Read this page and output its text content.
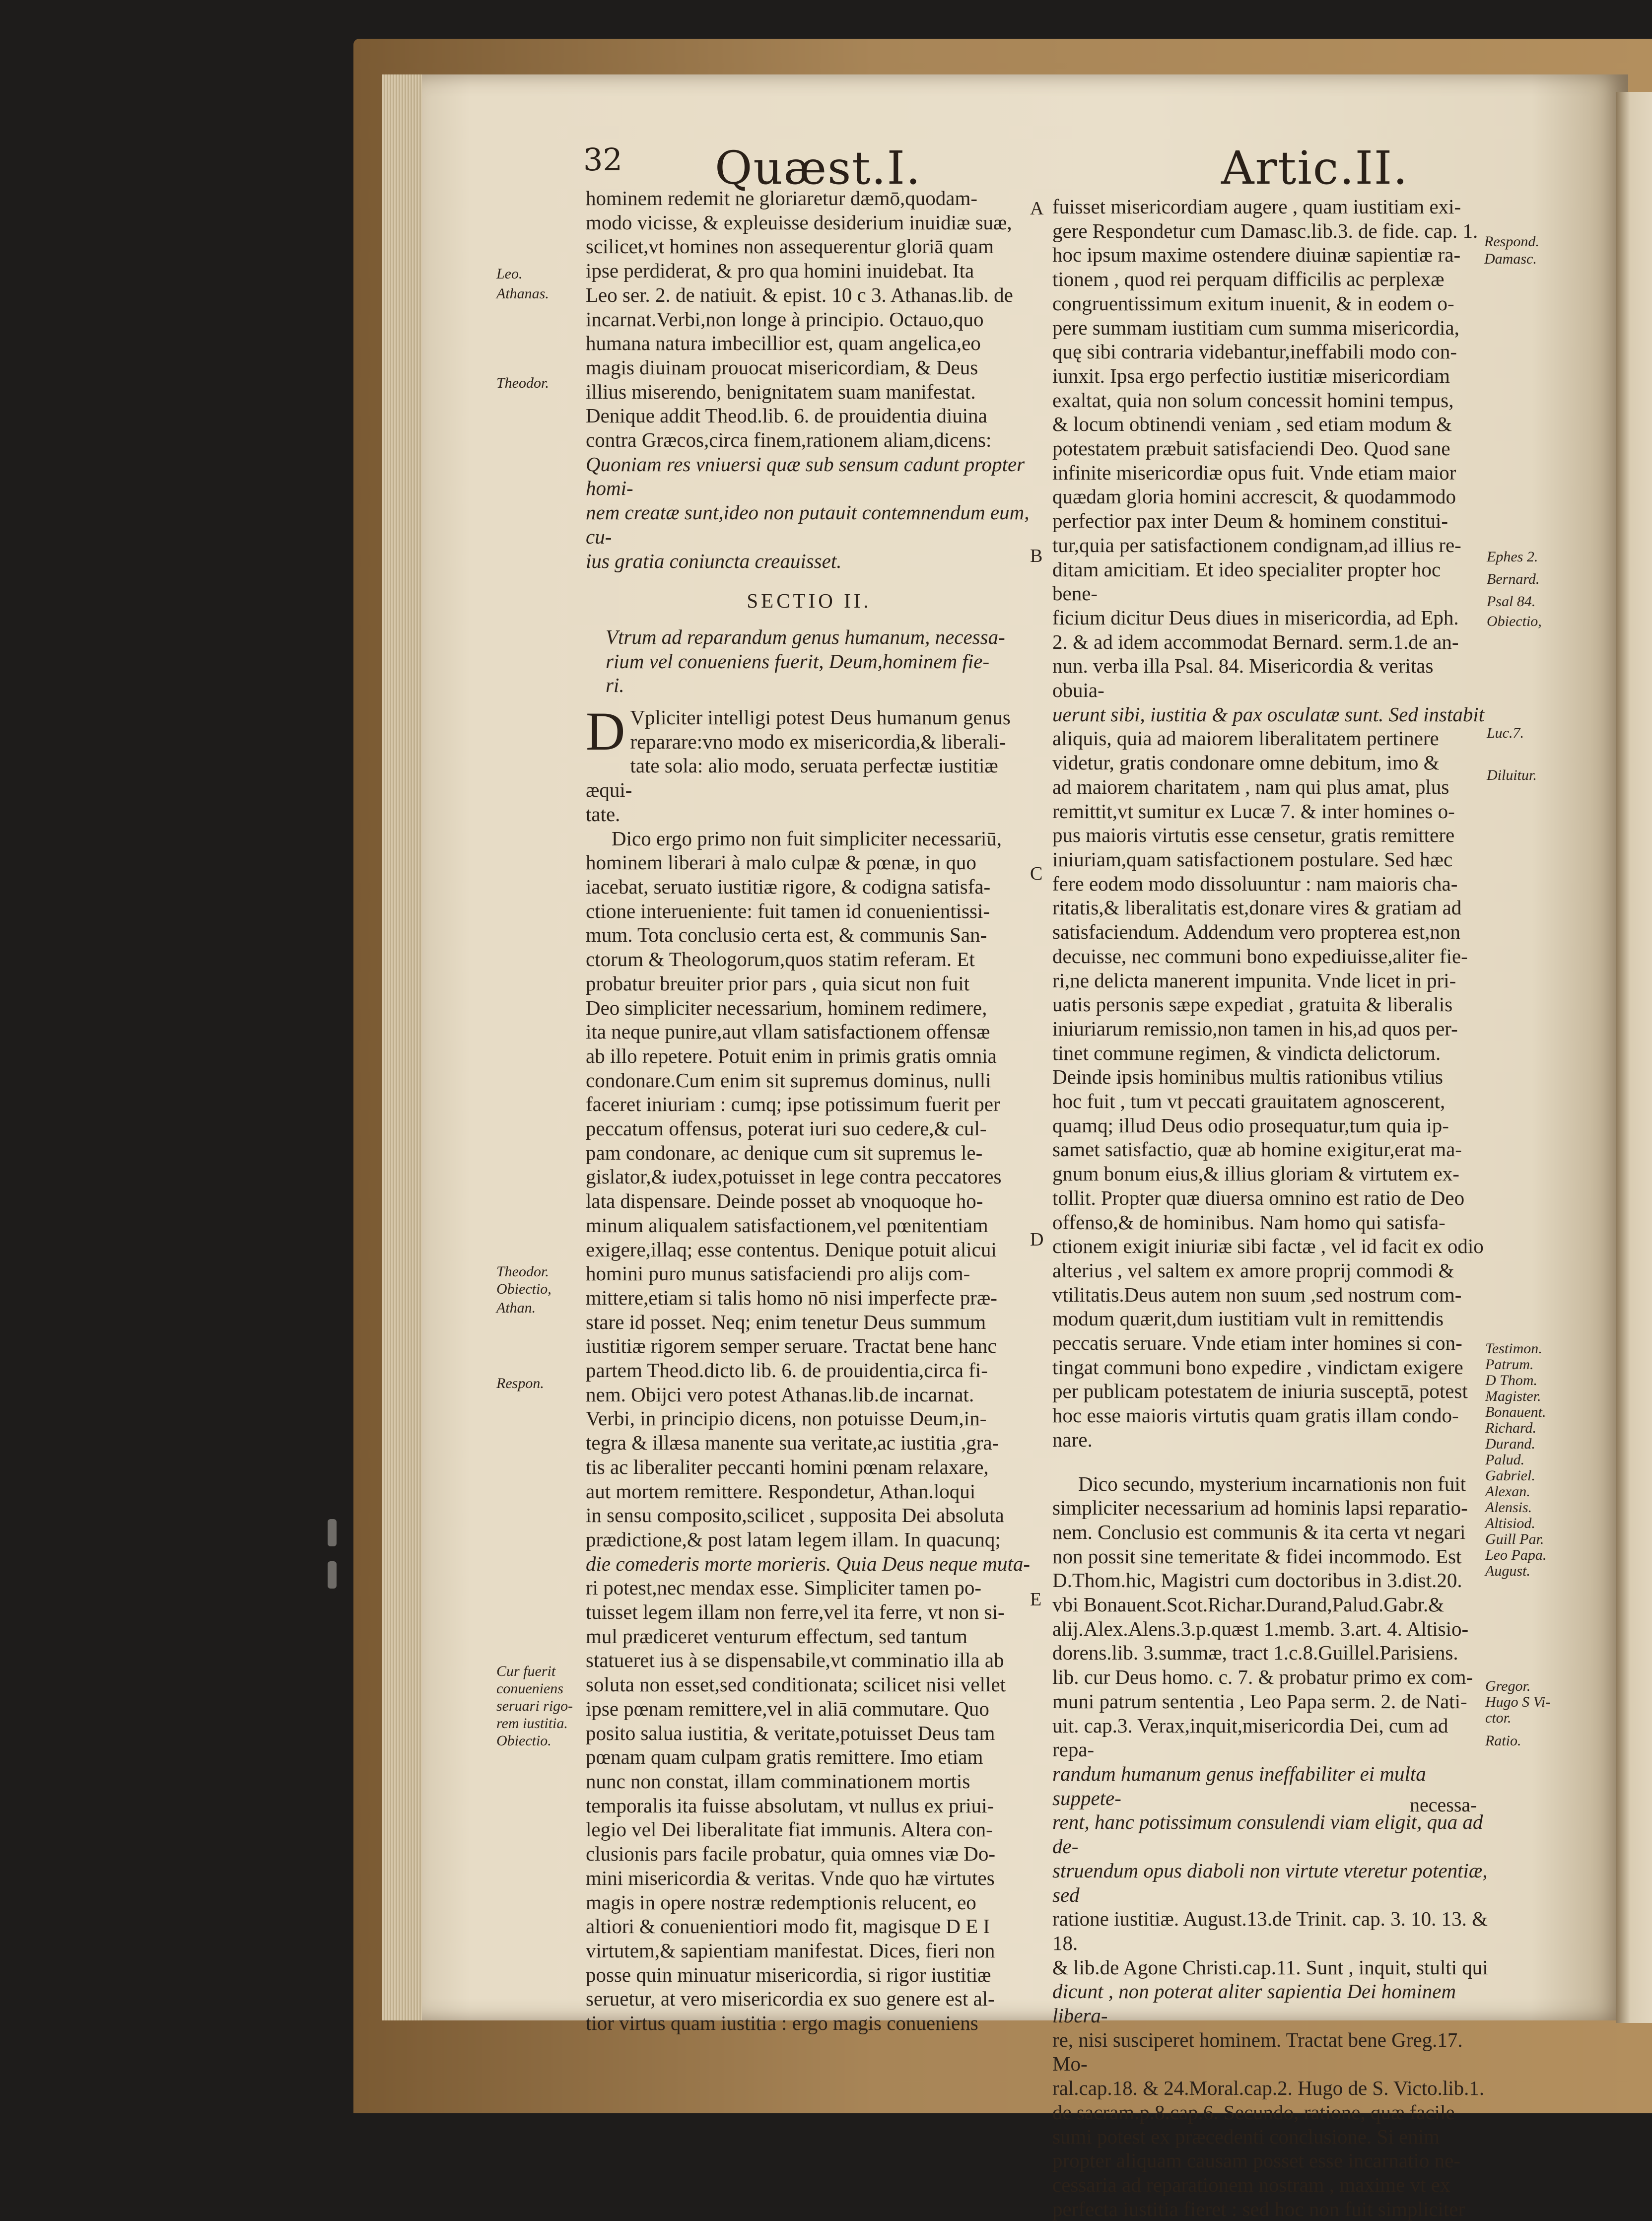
32 Quæst.I.	Artic.II.

hominem redemit ne gloriaretur dæmō,quodam-

modo vicisse, & expleuisse desiderium inuidiæ suæ,

scilicet,vt homines non assequerentur gloriā quam

ipse perdiderat, & pro qua homini inuidebat. Ita

Leo ser. 2. de natiuit. & epist. 10 c 3. Athanas.lib. de

incarnat.Verbi,non longe à principio. Octauo,quo

humana natura imbecillior est, quam angelica,eo

magis diuinam prouocat misericordiam, & Deus

illius miserendo, benignitatem suam manifestat.

Denique addit Theod.lib. 6. de prouidentia diuina

contra Græcos,circa finem,rationem aliam,dicens:

Quoniam res vniuersi quæ sub sensum cadunt propter homi-

nem creatæ sunt,ideo non putauit contemnendum eum, cu-

ius gratia coniuncta creauisset.

SECTIO II.

Vtrum ad reparandum genus humanum, necessa-

rium vel conueniens fuerit, Deum,hominem fie-

ri.

D Vpliciter intelligi potest Deus humanum genus

reparare:vno modo ex misericordia,& liberali-

tate sola: alio modo, seruata perfectæ iustitiæ æqui-

tate.

Dico ergo primo non fuit simpliciter necessariū,

hominem liberari à malo culpæ & pœnæ, in quo

iacebat, seruato iustitiæ rigore, & codigna satisfa-

ctione interueniente: fuit tamen id conuenientissi-

mum. Tota conclusio certa est, & communis San-

ctorum & Theologorum,quos statim referam. Et

probatur breuiter prior pars , quia sicut non fuit

Deo simpliciter necessarium, hominem redimere,

ita neque punire,aut vllam satisfactionem offensæ

ab illo repetere. Potuit enim in primis gratis omnia

condonare.Cum enim sit supremus dominus, nulli

faceret iniuriam : cumq; ipse potissimum fuerit per

peccatum offensus, poterat iuri suo cedere,& cul-

pam condonare, ac denique cum sit supremus le-

gislator,& iudex,potuisset in lege contra peccatores

lata dispensare. Deinde posset ab vnoquoque ho-

minum aliqualem satisfactionem,vel pœnitentiam

exigere,illaq; esse contentus. Denique potuit alicui

homini puro munus satisfaciendi pro alijs com-

mittere,etiam si talis homo nō nisi imperfecte præ-

stare id posset. Neq; enim tenetur Deus summum

iustitiæ rigorem semper seruare. Tractat bene hanc

partem Theod.dicto lib. 6. de prouidentia,circa fi-

nem. Obijci vero potest Athanas.lib.de incarnat.

Verbi, in principio dicens, non potuisse Deum,in-

tegra & illæsa manente sua veritate,ac iustitia ,gra-

tis ac liberaliter peccanti homini pœnam relaxare,

aut mortem remittere. Respondetur, Athan.loqui

in sensu composito,scilicet , supposita Dei absoluta

prædictione,& post latam legem illam. In quacunq;

die comederis morte morieris. Quia Deus neque muta-

ri potest,nec mendax esse. Simpliciter tamen po-

tuisset legem illam non ferre,vel ita ferre, vt non si-

mul prædiceret venturum effectum, sed tantum

statueret ius à se dispensabile,vt comminatio illa ab

soluta non esset,sed conditionata; scilicet nisi vellet

ipse pœnam remittere,vel in aliā commutare. Quo

posito salua iustitia, & veritate,potuisset Deus tam

pœnam quam culpam gratis remittere. Imo etiam

nunc non constat, illam comminationem mortis

temporalis ita fuisse absolutam, vt nullus ex priui-

legio vel Dei liberalitate fiat immunis. Altera con-

clusionis pars facile probatur, quia omnes viæ Do-

mini misericordia & veritas. Vnde quo hæ virtutes

magis in opere nostræ redemptionis relucent, eo

altiori & conuenientiori modo fit, magisque D E I

virtutem,& sapientiam manifestat. Dices, fieri non

posse quin minuatur misericordia, si rigor iustitiæ

seruetur, at vero misericordia ex suo genere est al-

tior virtus quam iustitia : ergo magis conueniens

fuisset misericordiam augere , quam iustitiam exi-

gere Respondetur cum Damasc.lib.3. de fide. cap. 1.

hoc ipsum maxime ostendere diuinæ sapientiæ ra-

tionem , quod rei perquam difficilis ac perplexæ

congruentissimum exitum inuenit, & in eodem o-

pere summam iustitiam cum summa misericordia,

quę sibi contraria videbantur,ineffabili modo con-

iunxit. Ipsa ergo perfectio iustitiæ misericordiam

exaltat, quia non solum concessit homini tempus,

& locum obtinendi veniam , sed etiam modum &

potestatem præbuit satisfaciendi Deo. Quod sane

infinite misericordiæ opus fuit. Vnde etiam maior

quædam gloria homini accrescit, & quodammodo

perfectior pax inter Deum & hominem constitui-

tur,quia per satisfactionem condignam,ad illius re-

ditam amicitiam. Et ideo specialiter propter hoc bene-

ficium dicitur Deus diues in misericordia, ad Eph.

2. & ad idem accommodat Bernard. serm.1.de an-

nun. verba illa Psal. 84. Misericordia & veritas obuia-

uerunt sibi, iustitia & pax osculatæ sunt. Sed instabit

aliquis, quia ad maiorem liberalitatem pertinere

videtur, gratis condonare omne debitum, imo &

ad maiorem charitatem , nam qui plus amat, plus

remittit,vt sumitur ex Lucæ 7. & inter homines o-

pus maioris virtutis esse censetur, gratis remittere

iniuriam,quam satisfactionem postulare. Sed hæc

fere eodem modo dissoluuntur : nam maioris cha-

ritatis,& liberalitatis est,donare vires & gratiam ad

satisfaciendum. Addendum vero propterea est,non

decuisse, nec communi bono expediuisse,aliter fie-

ri,ne delicta manerent impunita. Vnde licet in pri-

uatis personis sæpe expediat , gratuita & liberalis

iniuriarum remissio,non tamen in his,ad quos per-

tinet commune regimen, & vindicta delictorum.

Deinde ipsis hominibus multis rationibus vtilius

hoc fuit , tum vt peccati grauitatem agnoscerent,

quamq; illud Deus odio prosequatur,tum quia ip-

samet satisfactio, quæ ab homine exigitur,erat ma-

gnum bonum eius,& illius gloriam & virtutem ex-

tollit. Propter quæ diuersa omnino est ratio de Deo

offenso,& de hominibus. Nam homo qui satisfa-

ctionem exigit iniuriæ sibi factæ , vel id facit ex odio

alterius , vel saltem ex amore proprij commodi &

vtilitatis.Deus autem non suum ,sed nostrum com-

modum quærit,dum iustitiam vult in remittendis

peccatis seruare. Vnde etiam inter homines si con-

tingat communi bono expedire , vindictam exigere

per publicam potestatem de iniuria susceptā, potest

hoc esse maioris virtutis quam gratis illam condo-

nare.

Dico secundo, mysterium incarnationis non fuit

simpliciter necessarium ad hominis lapsi reparatio-

nem. Conclusio est communis & ita certa vt negari

non possit sine temeritate & fidei incommodo. Est

D.Thom.hic, Magistri cum doctoribus in 3.dist.20.

vbi Bonauent.Scot.Richar.Durand,Palud.Gabr.&

alij.Alex.Alens.3.p.quæst 1.memb. 3.art. 4. Altisio-

dorens.lib. 3.summæ, tract 1.c.8.Guillel.Parisiens.

lib. cur Deus homo. c. 7. & probatur primo ex com-

muni patrum sententia , Leo Papa serm. 2. de Nati-

uit. cap.3. Verax,inquit,misericordia Dei, cum ad repa-

randum humanum genus ineffabiliter ei multa suppete-

rent, hanc potissimum consulendi viam eligit, qua ad de-

struendum opus diaboli non virtute vteretur potentiæ, sed

ratione iustitiæ. August.13.de Trinit. cap. 3. 10. 13. & 18.

& lib.de Agone Christi.cap.11. Sunt , inquit, stulti qui

dicunt , non poterat aliter sapientia Dei hominem libera-

re, nisi susciperet hominem. Tractat bene Greg.17. Mo-

ral.cap.18. & 24.Moral.cap.2. Hugo de S. Victo.lib.1.

de sacram.p.8.cap.6. Secundo, ratione, quæ facile

sumi potest ex præcedenti conclusione. Si enim

propter aliquam causam posset esse incarnatio ne-

cessaria ad reparationem nostram , maxime vt ex

perfecta iustitia fieret : sed hoc non fuit simpliciter

necessa-
A
B
C
D
E
Leo.
Athanas.
Theodor.
Theodor.
Obiectio,
Athan.
Respon.
Cur fuerit
conueniens
seruari rigo-
rem iustitia.
Obiectio.
Respond.
Damasc.
Ephes 2.
Bernard.
Psal 84.
Obiectio,
Luc.7.
Diluitur.
Testimon.
Patrum.
D Thom.
Magister.
Bonauent.
Richard.
Durand.
Palud.
Gabriel.
Alexan.
Alensis.
Altisiod.
Guill Par.
Leo Papa.
August.
Gregor.
Hugo S Vi-
ctor.
Ratio.
